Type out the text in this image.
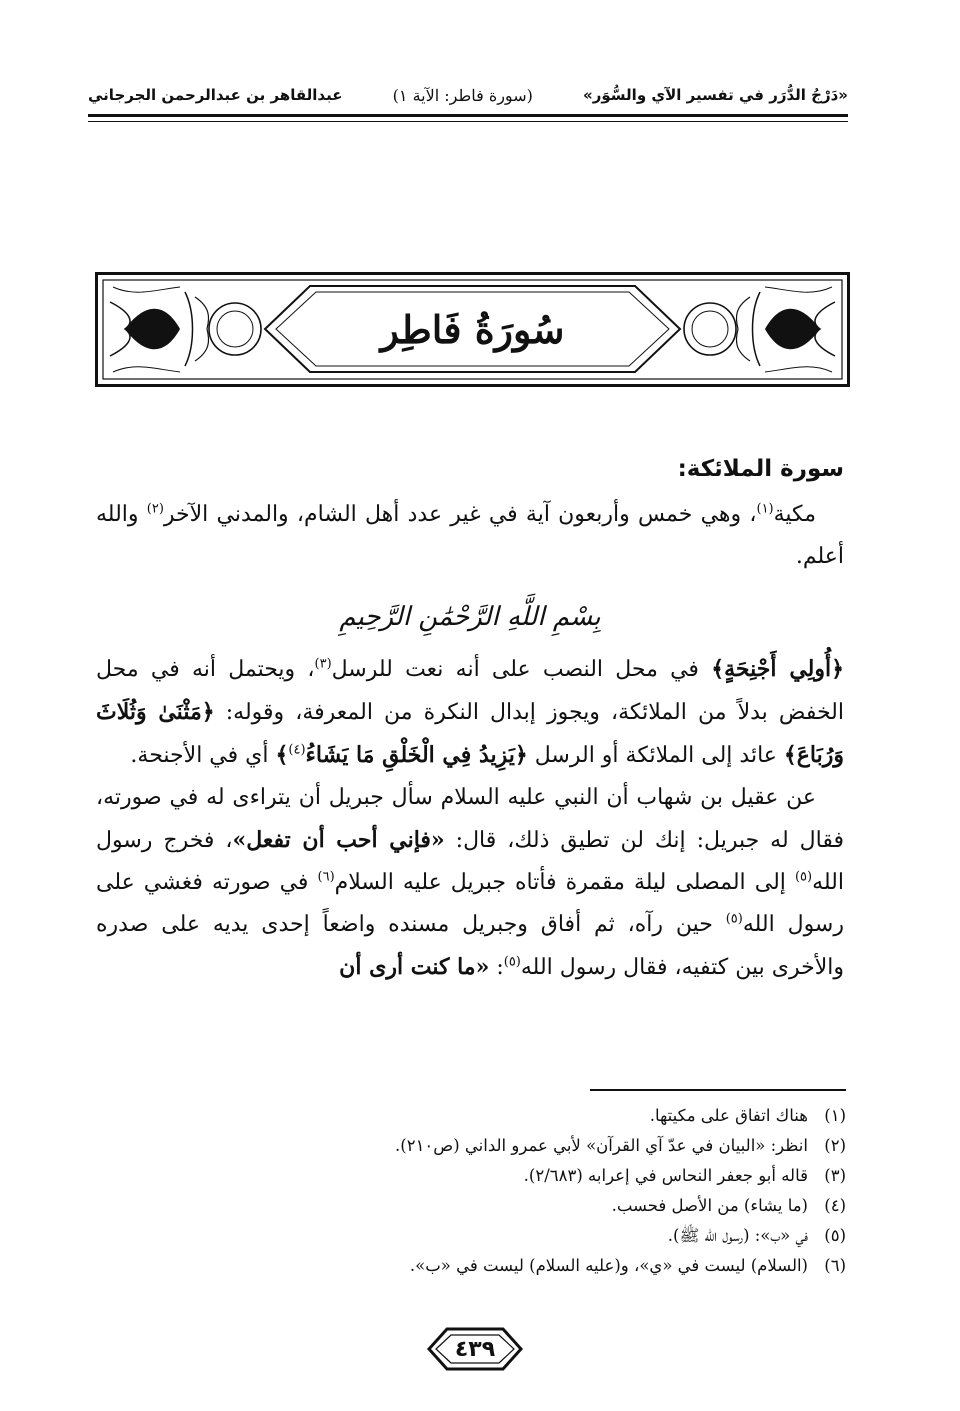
«دَرْجُ الدُّرَر في تفسير الآي والسُّوَر»
(سورة فاطر: الآية ١)
عبدالقاهر بن عبدالرحمن الجرجاني
سُورَةُ فَاطِر
سورة الملائكة:

مكية$^{(١)}$، وهي خمس وأربعون آية في غير عدد أهل الشام، والمدني الآخر$^{(٢)}$ والله أعلم.

بِسْمِ اللَّهِ الرَّحْمَٰنِ الرَّحِيمِ

﴿أُولِي أَجْنِحَةٍ﴾ في محل النصب على أنه نعت للرسل$^{(٣)}$، ويحتمل أنه في محل الخفض بدلاً من الملائكة، ويجوز إبدال النكرة من المعرفة، وقوله: ﴿مَثْنَىٰ وَثُلَاثَ وَرُبَاعَ﴾ عائد إلى الملائكة أو الرسل ﴿يَزِيدُ فِي الْخَلْقِ مَا يَشَاءُ$^{(٤)}$﴾ أي في الأجنحة.

عن عقيل بن شهاب أن النبي عليه السلام سأل جبريل أن يتراءى له في صورته، فقال له جبريل: إنك لن تطيق ذلك، قال: «فإني أحب أن تفعل»، فخرج رسول الله$^{(٥)}$ إلى المصلى ليلة مقمرة فأتاه جبريل عليه السلام$^{(٦)}$ في صورته فغشي على رسول الله$^{(٥)}$ حين رآه، ثم أفاق وجبريل مسنده واضعاً إحدى يديه على صدره والأخرى بين كتفيه، فقال رسول الله$^{(٥)}$: «ما كنت أرى أن

(١)
هناك اتفاق على مكيتها.
(٢)
انظر: «البيان في عدّ آي القرآن» لأبي عمرو الداني (ص٢١٠).
(٣)
قاله أبو جعفر النحاس في إعرابه (٢/٦٨٣).
(٤)
(ما يشاء) من الأصل فحسب.
(٥)
في «ب»: (رسول الله ﷺ).
(٦)
(السلام) ليست في «ي»، و(عليه السلام) ليست في «ب».
٤٣٩
